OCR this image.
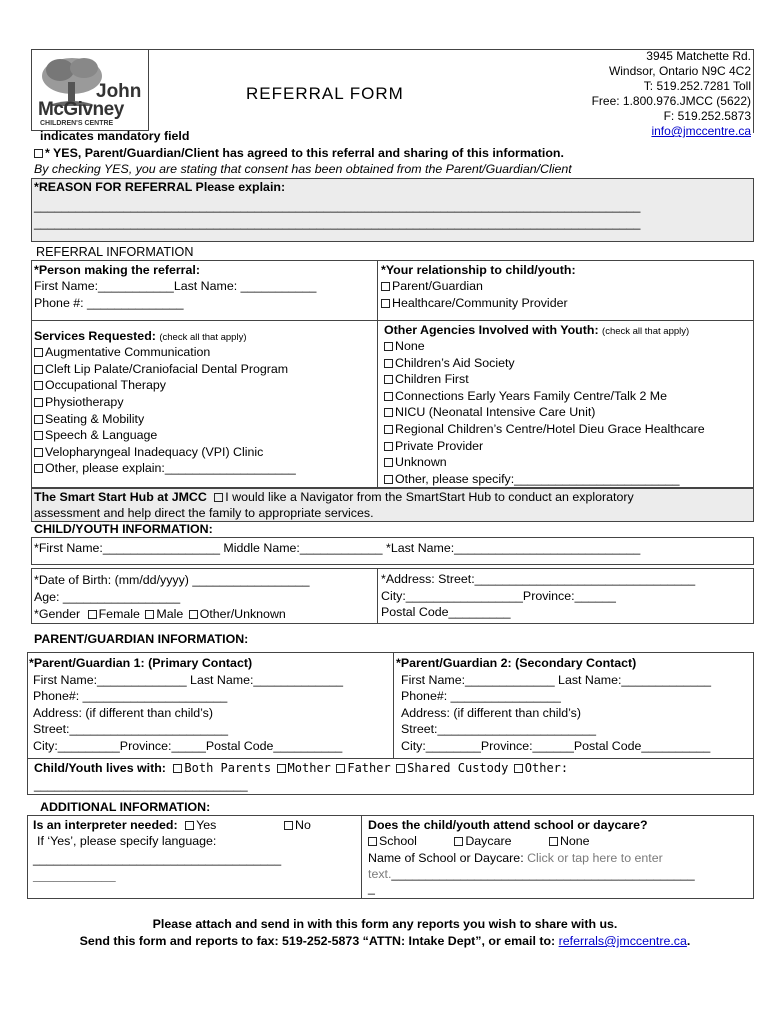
John
McGivney
CHILDREN'S CENTRE
REFERRAL FORM
3945 Matchette Rd.
Windsor, Ontario N9C 4C2
T: 519.252.7281 Toll
Free: 1.800.976.JMCC (5622)
F: 519.252.5873
info@jmccentre.ca
indicates mandatory field
* YES, Parent/Guardian/Client has agreed to this referral and sharing of this information.
By checking YES, you are stating that consent has been obtained from the Parent/Guardian/Client
*REASON FOR REFERRAL Please explain:
________________________________________________________________________________________
________________________________________________________________________________________
REFERRAL INFORMATION
*Person making the referral:
First Name:___________Last Name: ___________
Phone #: ______________
*Your relationship to child/youth:
Parent/Guardian
Healthcare/Community Provider
Services Requested: (check all that apply)
Augmentative Communication
Cleft Lip Palate/Craniofacial Dental Program
Occupational Therapy
Physiotherapy
Seating & Mobility
Speech & Language
Velopharyngeal Inadequacy (VPI) Clinic
Other, please explain:___________________
Other Agencies Involved with Youth: (check all that apply)
None
Children’s Aid Society
Children First
Connections Early Years Family Centre/Talk 2 Me
NICU (Neonatal Intensive Care Unit)
Regional Children’s Centre/Hotel Dieu Grace Healthcare
Private Provider
Unknown
Other, please specify:________________________
The Smart Start Hub at JMCC I would like a Navigator from the SmartStart Hub to conduct an exploratory
assessment and help direct the family to appropriate services.
CHILD/YOUTH INFORMATION:
*First Name:_________________ Middle Name:____________ *Last Name:___________________________
*Date of Birth: (mm/dd/yyyy) _________________
Age: _________________
*Gender Female Male Other/Unknown
*Address: Street:________________________________
City:_________________Province:______
Postal Code_________
PARENT/GUARDIAN INFORMATION:
*Parent/Guardian 1: (Primary Contact)
First Name:_____________ Last Name:_____________
Phone#: _____________________
Address: (if different than child’s)
Street:_______________________
City:_________Province:_____Postal Code__________
*Parent/Guardian 2: (Secondary Contact)
First Name:_____________ Last Name:_____________
Phone#: ________________
Address: (if different than child’s)
Street:_______________________
City:________Province:______Postal Code__________
Child/Youth lives with: Both Parents Mother Father Shared Custody Other:
_______________________________
ADDITIONAL INFORMATION:
Is an interpreter needed: Yes	No
If ‘Yes’, please specify language:
____________________________________
____________
Does the child/youth attend school or daycare?
School	Daycare	None
Name of School or Daycare: Click or tap here to enter
text.____________________________________________
_
Please attach and send in with this form any reports you wish to share with us.
Send this form and reports to fax: 519-252-5873 “ATTN: Intake Dept”, or email to: referrals@jmccentre.ca.
